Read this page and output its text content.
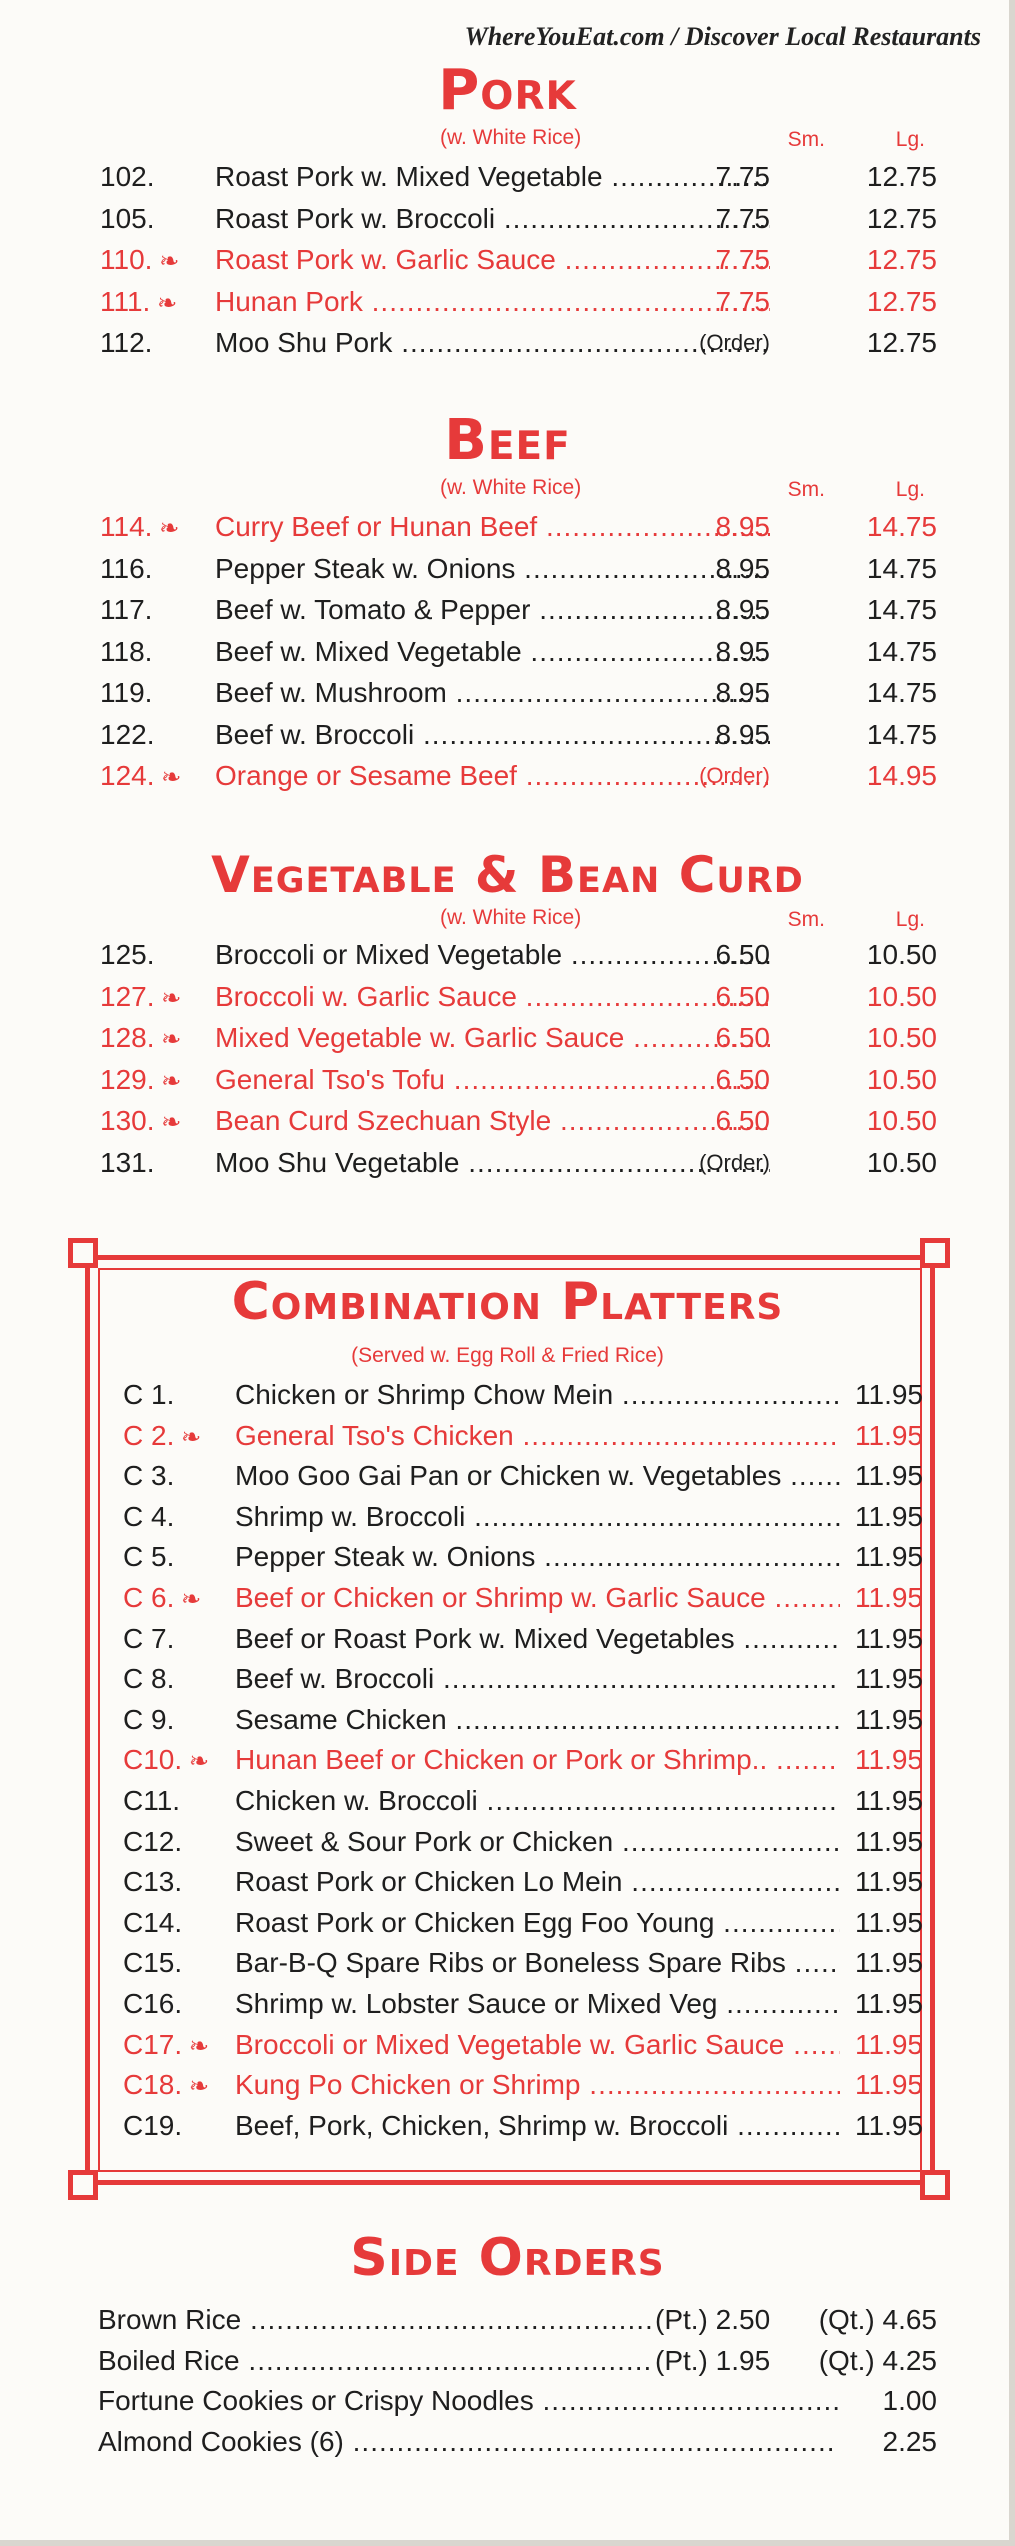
WhereYouEat.com / Discover Local Restaurants
Pork
(w. White Rice)	Sm.	Lg.
102. Roast Pork w. Mixed Vegetable .....	7.75	12.75
105. Roast Pork w. Broccoli .....	7.75	12.75
110. ❧ Roast Pork w. Garlic Sauce .....	7.75	12.75
111. ❧ Hunan Pork .....	7.75	12.75
112. Moo Shu Pork .....	(Order)	12.75
Beef
(w. White Rice)	Sm.	Lg.
114. ❧ Curry Beef or Hunan Beef .....	8.95	14.75
116. Pepper Steak w. Onions .....	8.95	14.75
117. Beef w. Tomato & Pepper .....	8.95	14.75
118. Beef w. Mixed Vegetable .....	8.95	14.75
119. Beef w. Mushroom .....	8.95	14.75
122. Beef w. Broccoli .....	8.95	14.75
124. ❧ Orange or Sesame Beef .....	(Order)	14.95
Vegetable & Bean Curd
(w. White Rice)	Sm.	Lg.
125. Broccoli or Mixed Vegetable .....	6.50	10.50
127. ❧ Broccoli w. Garlic Sauce .....	6.50	10.50
128. ❧ Mixed Vegetable w. Garlic Sauce .....	6.50	10.50
129. ❧ General Tso's Tofu .....	6.50	10.50
130. ❧ Bean Curd Szechuan Style .....	6.50	10.50
131. Moo Shu Vegetable .....	(Order)	10.50
Combination Platters
(Served w. Egg Roll & Fried Rice)
C 1. Chicken or Shrimp Chow Mein .....	11.95
C 2. ❧ General Tso's Chicken .....	11.95
C 3. Moo Goo Gai Pan or Chicken w. Vegetables .....	11.95
C 4. Shrimp w. Broccoli .....	11.95
C 5. Pepper Steak w. Onions .....	11.95
C 6. ❧ Beef or Chicken or Shrimp w. Garlic Sauce .....	11.95
C 7. Beef or Roast Pork w. Mixed Vegetables .....	11.95
C 8. Beef w. Broccoli .....	11.95
C 9. Sesame Chicken .....	11.95
C10. ❧ Hunan Beef or Chicken or Pork or Shrimp.. .....	11.95
C11. Chicken w. Broccoli .....	11.95
C12. Sweet & Sour Pork or Chicken .....	11.95
C13. Roast Pork or Chicken Lo Mein .....	11.95
C14. Roast Pork or Chicken Egg Foo Young .....	11.95
C15. Bar-B-Q Spare Ribs or Boneless Spare Ribs .....	11.95
C16. Shrimp w. Lobster Sauce or Mixed Veg .....	11.95
C17. ❧ Broccoli or Mixed Vegetable w. Garlic Sauce .....	11.95
C18. ❧ Kung Po Chicken or Shrimp .....	11.95
C19. Beef, Pork, Chicken, Shrimp w. Broccoli .....	11.95
Side Orders
Brown Rice .....	(Pt.) 2.50 (Qt.) 4.65
Boiled Rice .....	(Pt.) 1.95 (Qt.) 4.25
Fortune Cookies or Crispy Noodles .....	1.00
Almond Cookies (6) .....	2.25
